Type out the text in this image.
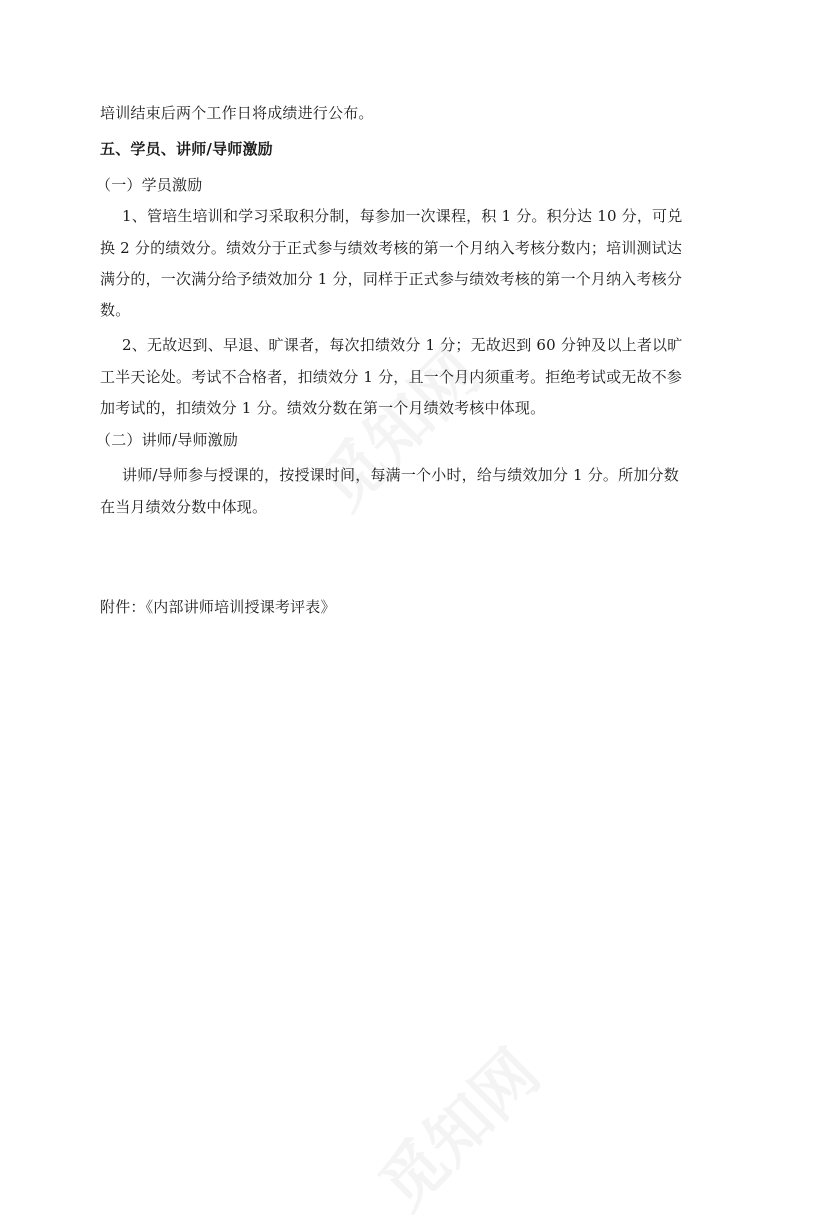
培训结束后两个工作日将成绩进行公布。
五、学员、讲师/导师激励
（一）学员激励
1、管培生培训和学习采取积分制，每参加一次课程，积 1 分。积分达 10 分，可兑
换 2 分的绩效分。绩效分于正式参与绩效考核的第一个月纳入考核分数内；培训测试达
满分的，一次满分给予绩效加分 1 分，同样于正式参与绩效考核的第一个月纳入考核分
数。
2、无故迟到、早退、旷课者，每次扣绩效分 1 分；无故迟到 60 分钟及以上者以旷
工半天论处。考试不合格者，扣绩效分 1 分，且一个月内须重考。拒绝考试或无故不参
加考试的，扣绩效分 1 分。绩效分数在第一个月绩效考核中体现。
（二）讲师/导师激励
讲师/导师参与授课的，按授课时间，每满一个小时，给与绩效加分 1 分。所加分数
在当月绩效分数中体现。
附件：《内部讲师培训授课考评表》
